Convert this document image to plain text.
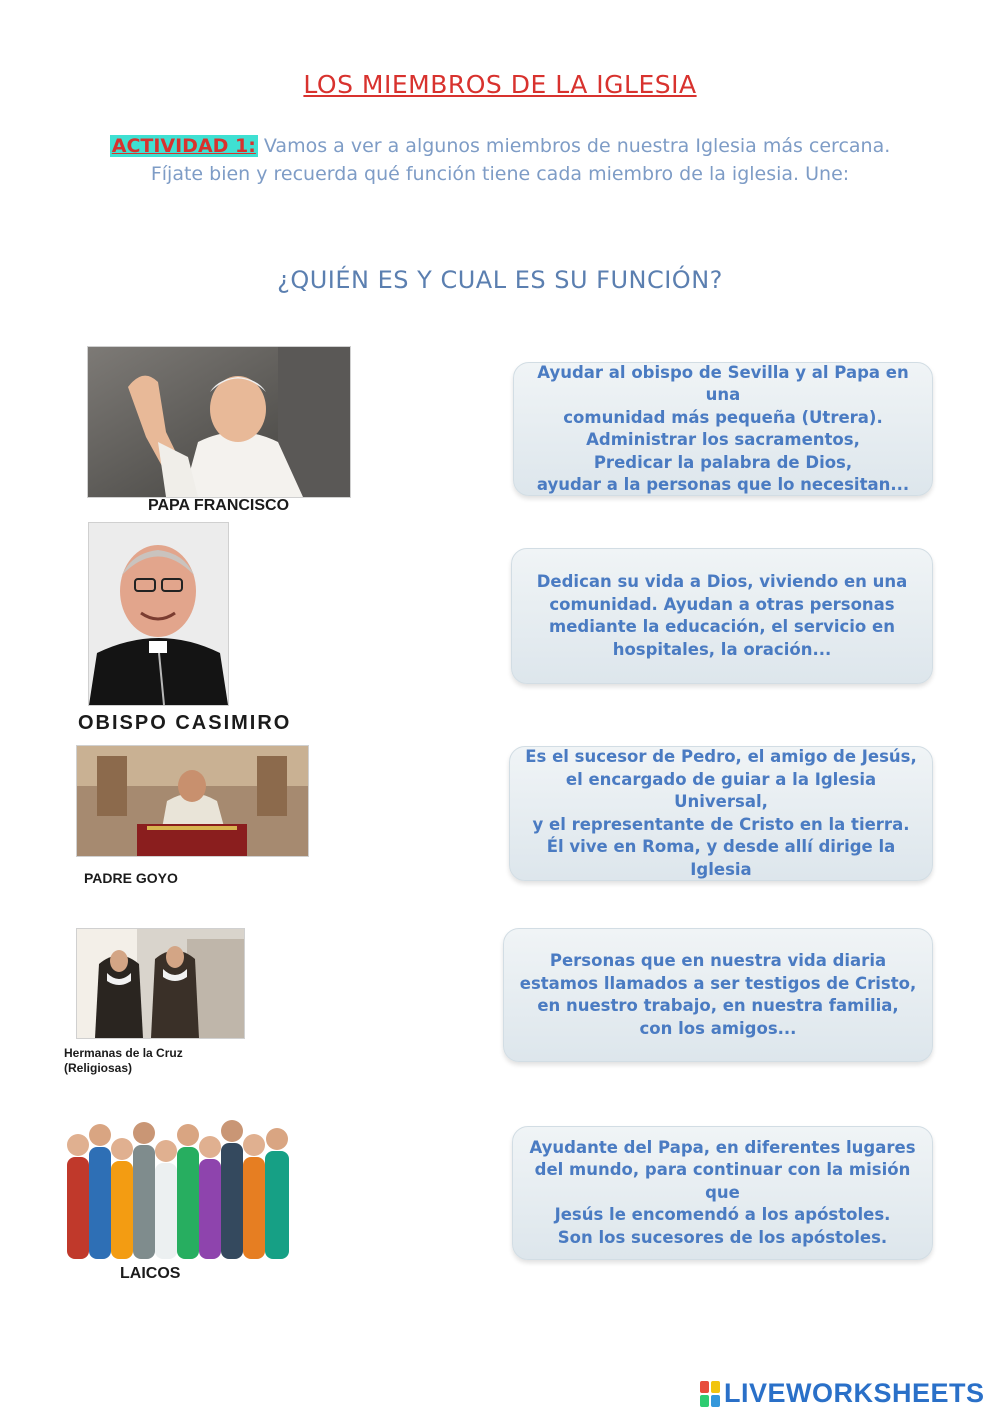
LOS MIEMBROS DE LA IGLESIA
ACTIVIDAD 1: Vamos a ver a algunos miembros de nuestra Iglesia más cercana.
Fíjate bien y recuerda qué función tiene cada miembro de la iglesia. Une:
¿QUIÉN ES Y CUAL ES SU FUNCIÓN?
PAPA FRANCISCO
OBISPO CASIMIRO
PADRE GOYO
Hermanas de la Cruz
(Religiosas)
LAICOS
Ayudar al obispo de Sevilla y al Papa en una
comunidad más pequeña (Utrera).
Administrar los sacramentos,
Predicar la palabra de Dios,
ayudar a la personas que lo necesitan...
Dedican su vida a Dios, viviendo en una
comunidad. Ayudan a otras personas
mediante la educación, el servicio en
hospitales, la oración...
Es el sucesor de Pedro, el amigo de Jesús,
el encargado de guiar a la Iglesia Universal,
y el representante de Cristo en la tierra.
Él vive en Roma, y desde allí dirige la Iglesia
Personas que en nuestra vida diaria
estamos llamados a ser testigos de Cristo,
en nuestro trabajo, en nuestra familia,
con los amigos...
Ayudante del Papa, en diferentes lugares
del mundo, para continuar con la misión que
Jesús le encomendó a los apóstoles.
Son los sucesores de los apóstoles.
LIVEWORKSHEETS
